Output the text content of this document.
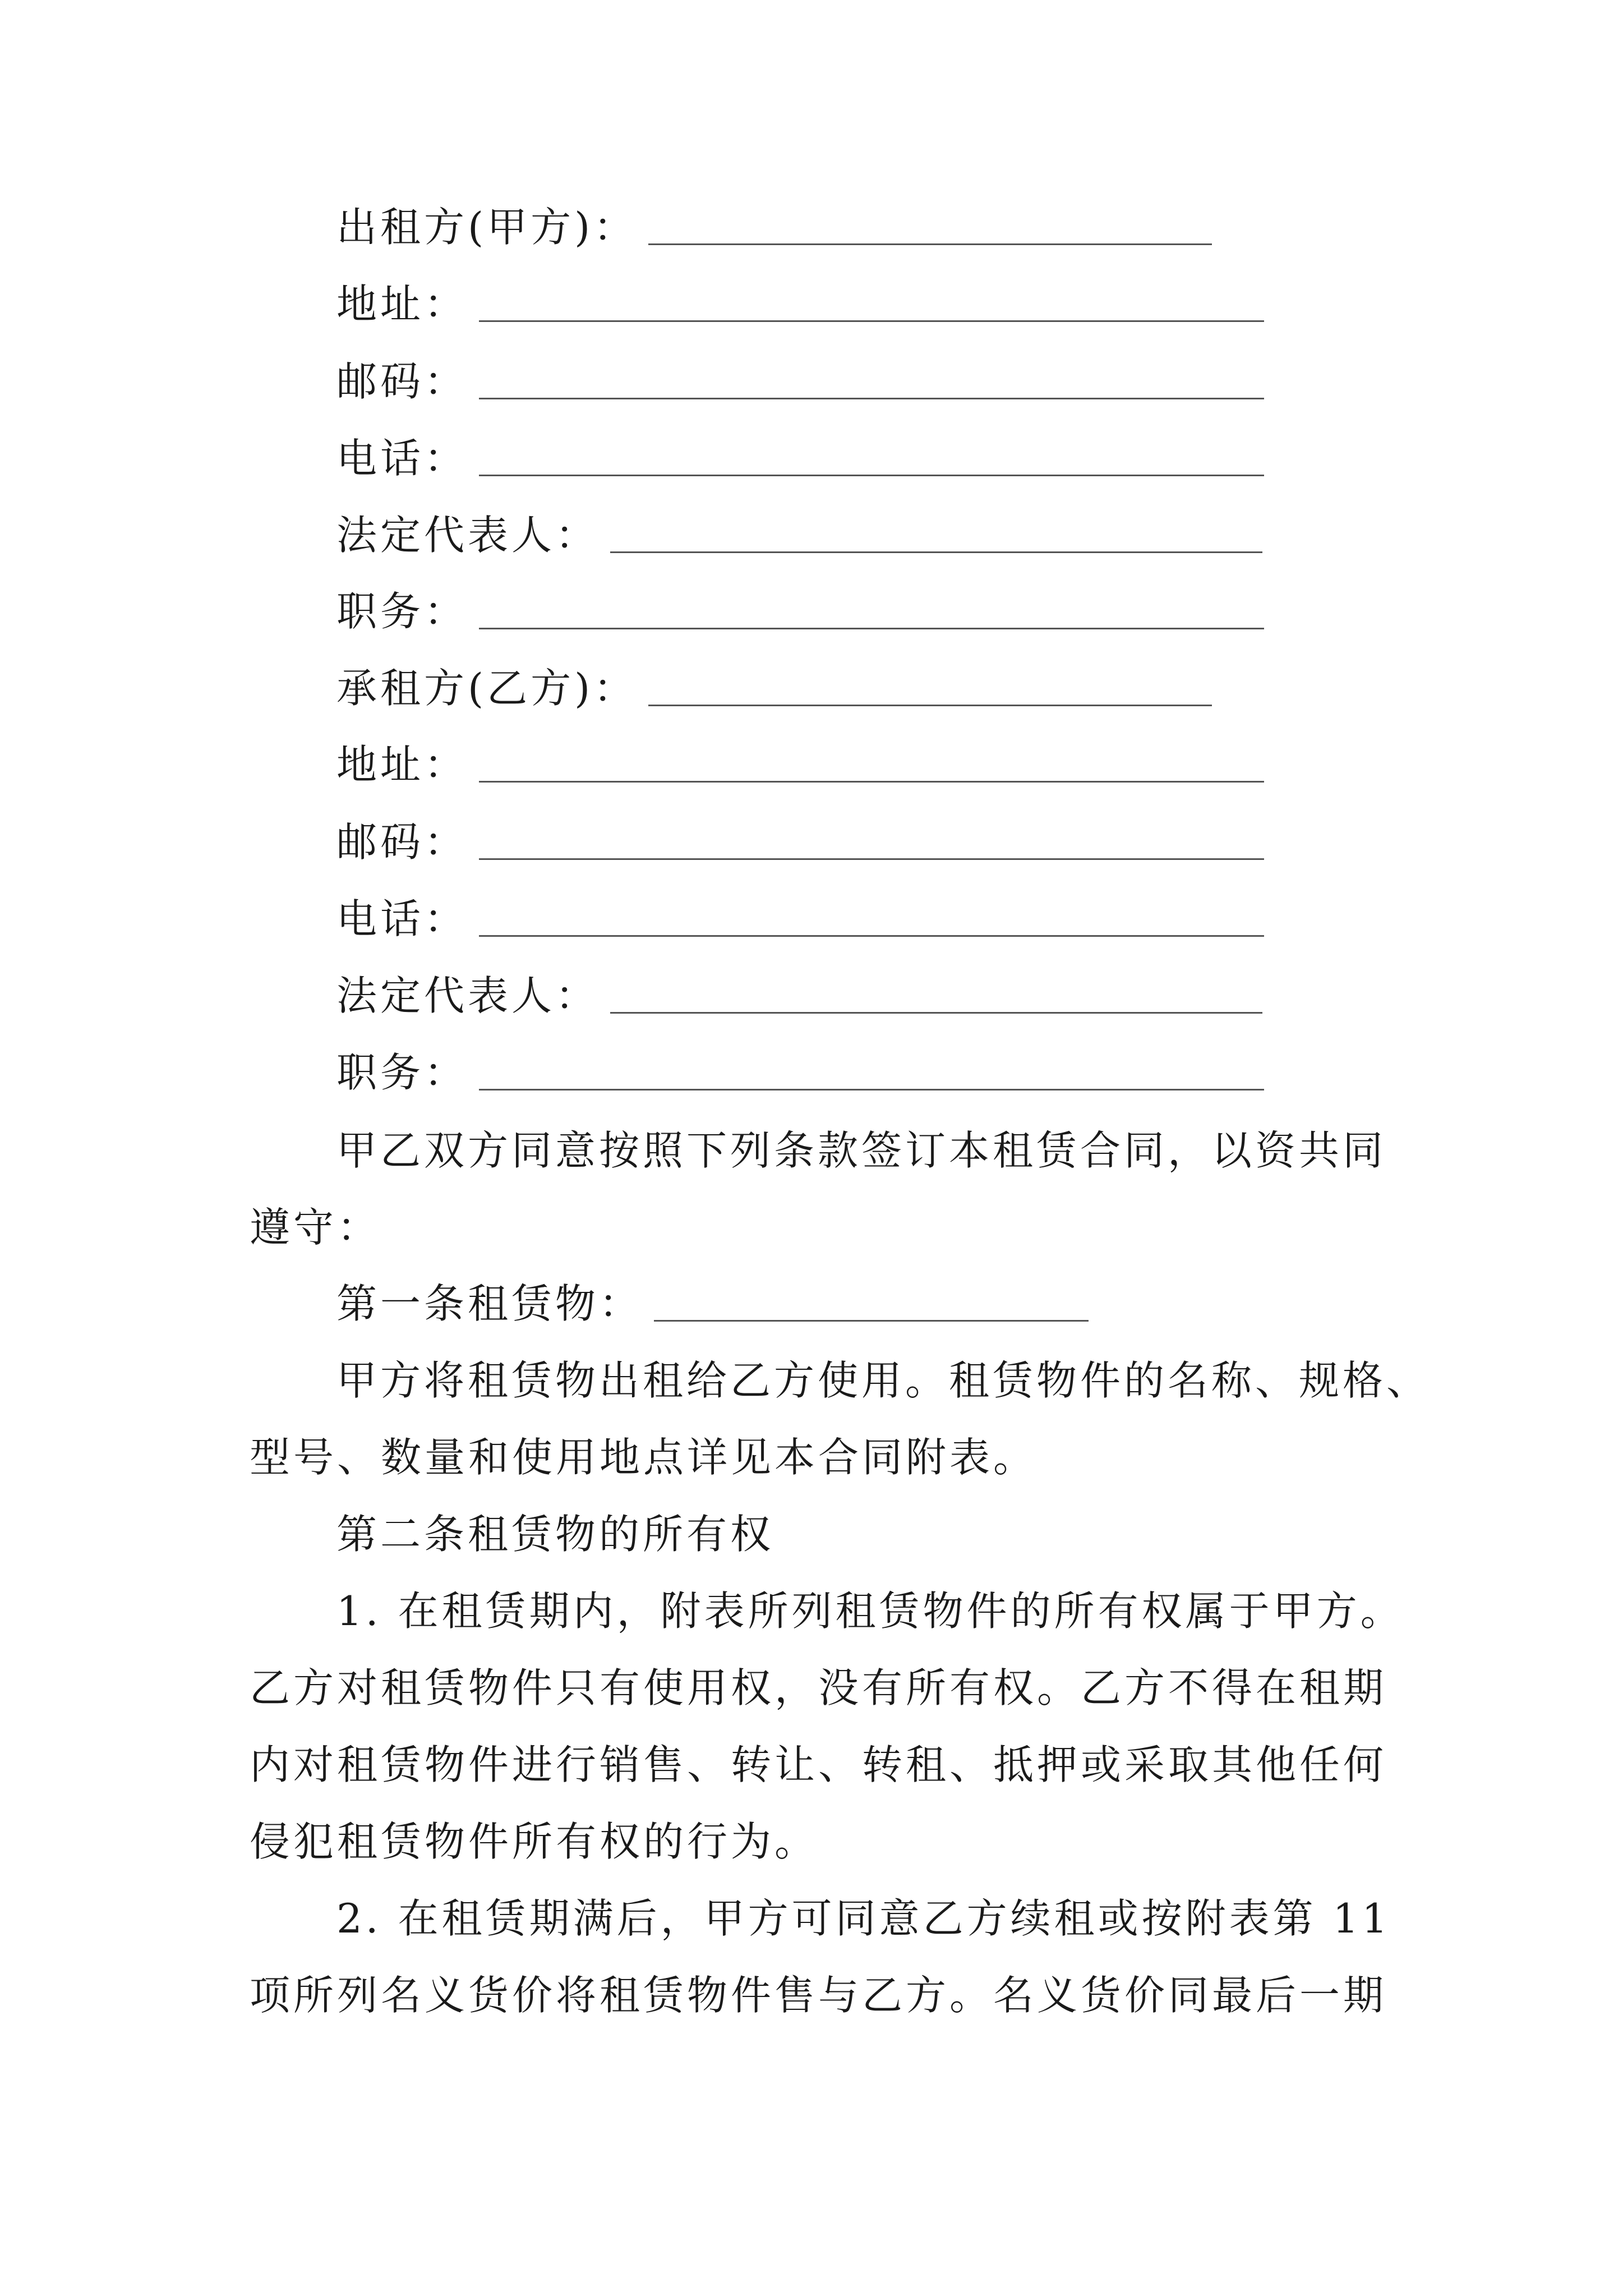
出租方(甲方)：
地址：
邮码：
电话：
法定代表人：
职务：
承租方(乙方)：
地址：
邮码：
电话：
法定代表人：
职务：
甲乙双方同意按照下列条款签订本租赁合同，以资共同
遵守：
第一条租赁物：
甲方将租赁物出租给乙方使用。租赁物件的名称、规格、
型号、数量和使用地点详见本合同附表。
第二条租赁物的所有权
1. 在租赁期内，附表所列租赁物件的所有权属于甲方。
乙方对租赁物件只有使用权，没有所有权。乙方不得在租期
内对租赁物件进行销售、转让、转租、抵押或采取其他任何
侵犯租赁物件所有权的行为。
2. 在租赁期满后，甲方可同意乙方续租或按附表第 11
项所列名义货价将租赁物件售与乙方。名义货价同最后一期
